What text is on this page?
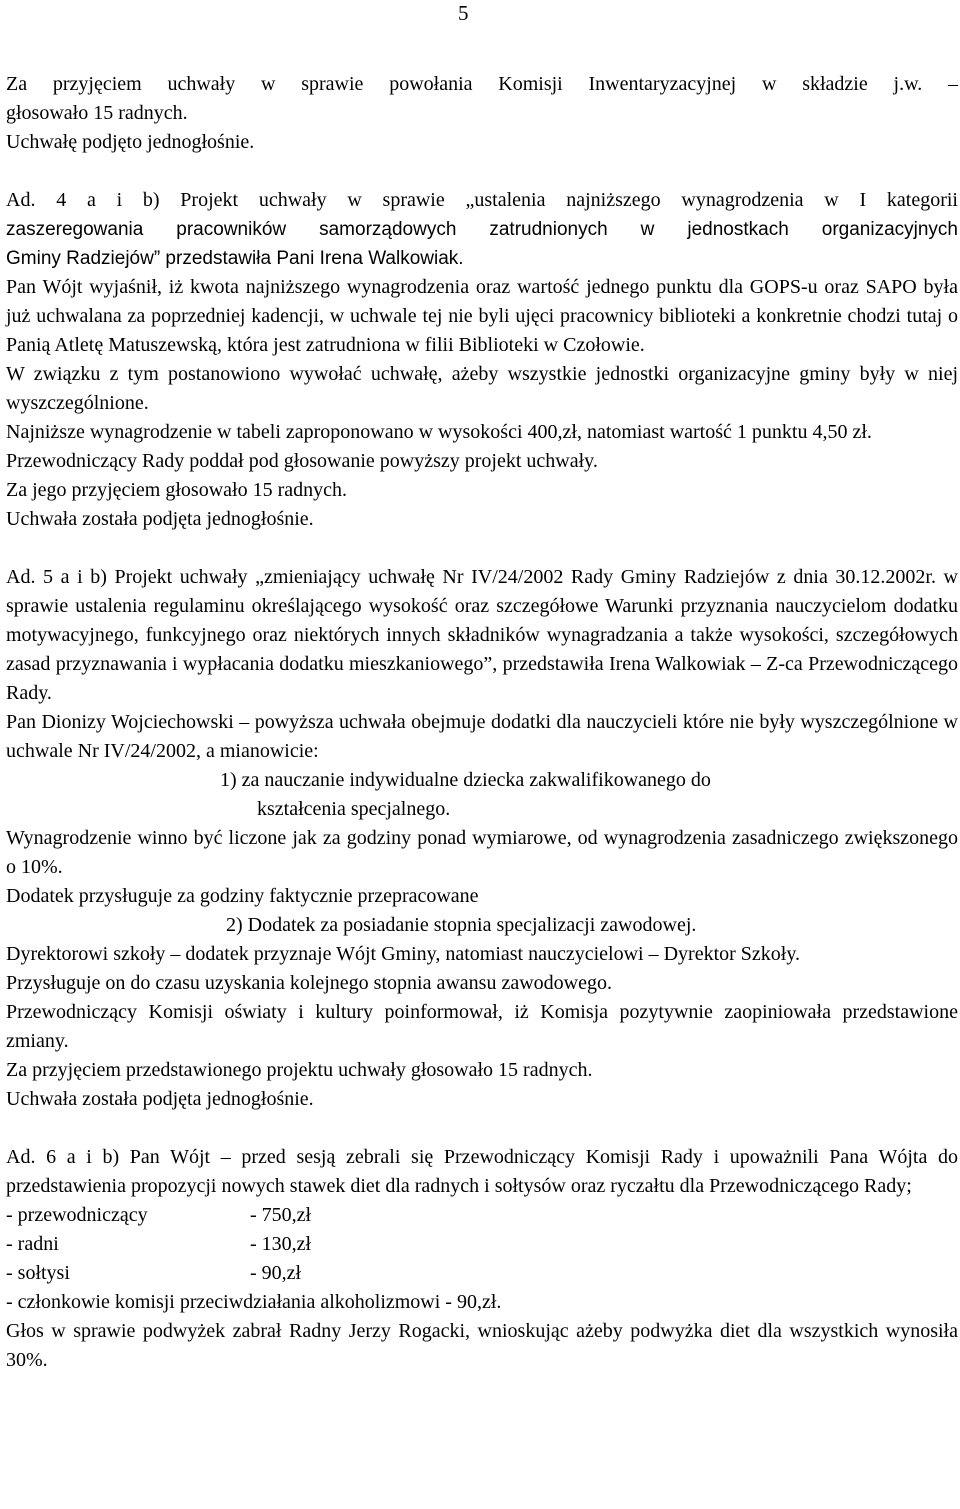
5

Za przyjęciem uchwały w sprawie powołania Komisji Inwentaryzacyjnej w składzie j.w. –

głosowało 15 radnych.

Uchwałę podjęto jednogłośnie.

Ad. 4 a i b) Projekt uchwały w sprawie „ustalenia najniższego wynagrodzenia w I kategorii

zaszeregowania pracowników samorządowych zatrudnionych w jednostkach organizacyjnych

Gminy Radziejów” przedstawiła Pani Irena Walkowiak.

Pan Wójt wyjaśnił, iż kwota najniższego wynagrodzenia oraz wartość jednego punktu dla GOPS-u oraz SAPO była już uchwalana za poprzedniej kadencji, w uchwale tej nie byli ujęci pracownicy biblioteki a konkretnie chodzi tutaj o Panią Atletę Matuszewską, która jest zatrudniona w filii Biblioteki w Czołowie.

W związku z tym postanowiono wywołać uchwałę, ażeby wszystkie jednostki organizacyjne gminy były w niej wyszczególnione.

Najniższe wynagrodzenie w tabeli zaproponowano w wysokości 400,zł, natomiast wartość 1 punktu 4,50 zł.

Przewodniczący Rady poddał pod głosowanie powyższy projekt uchwały.

Za jego przyjęciem głosowało 15 radnych.

Uchwała została podjęta jednogłośnie.

Ad. 5 a i b) Projekt uchwały „zmieniający uchwałę Nr IV/24/2002 Rady Gminy Radziejów z dnia 30.12.2002r. w sprawie ustalenia regulaminu określającego wysokość oraz szczegółowe Warunki przyznania nauczycielom dodatku motywacyjnego, funkcyjnego oraz niektórych innych składników wynagradzania a także wysokości, szczegółowych zasad przyznawania i wypłacania dodatku mieszkaniowego”, przedstawiła Irena Walkowiak – Z-ca Przewodniczącego Rady.

Pan Dionizy Wojciechowski – powyższa uchwała obejmuje dodatki dla nauczycieli które nie były wyszczególnione w uchwale Nr IV/24/2002, a mianowicie:

1) za nauczanie indywidualne dziecka zakwalifikowanego do
kształcenia specjalnego.

Wynagrodzenie winno być liczone jak za godziny ponad wymiarowe, od wynagrodzenia zasadniczego zwiększonego o 10%.

Dodatek przysługuje za godziny faktycznie przepracowane

2) Dodatek za posiadanie stopnia specjalizacji zawodowej.

Dyrektorowi szkoły – dodatek przyznaje Wójt Gminy, natomiast nauczycielowi – Dyrektor Szkoły.

Przysługuje on do czasu uzyskania kolejnego stopnia awansu zawodowego.

Przewodniczący Komisji oświaty i kultury poinformował, iż Komisja pozytywnie zaopiniowała przedstawione zmiany.

Za przyjęciem przedstawionego projektu uchwały głosowało 15 radnych.

Uchwała została podjęta jednogłośnie.

Ad. 6 a i b) Pan Wójt – przed sesją zebrali się Przewodniczący Komisji Rady i upoważnili Pana Wójta do przedstawienia propozycji nowych stawek diet dla radnych i sołtysów oraz ryczałtu dla Przewodniczącego Rady;

- przewodniczący	- 750,zł
- radni	- 130,zł
- sołtysi	- 90,zł

- członkowie komisji przeciwdziałania alkoholizmowi - 90,zł.

Głos w sprawie podwyżek zabrał Radny Jerzy Rogacki, wnioskując ażeby podwyżka diet dla wszystkich wynosiła 30%.
